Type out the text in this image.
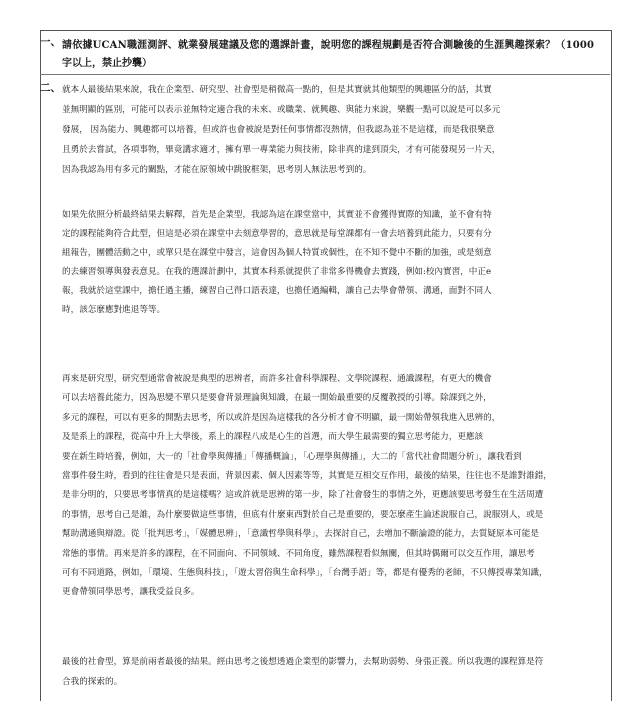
一、 請依據UCAN職涯測評、就業發展建議及您的選課計畫，說明您的課程規劃是否符合測驗後的生涯興趣探索？（1000
字以上，禁止抄襲）
二、 就本人最後結果來說，我在企業型、研究型、社會型是稍微高一點的，但是其實就其他類型的興趣區分的話，其實
並無明顯的區別，可能可以表示並無特定適合我的未來、或職業、就興趣、與能力來說，樂觀一點可以說是可以多元
發展， 因為能力、興趣都可以培養，但或許也會被說是對任何事情都沒熱情，但我認為並不是這樣，而是我很樂意
且勇於去嘗試，各項事物，畢竟講求適才，擁有單一專業能力與技術，除非真的達到頂尖，才有可能發現另一片天，
因為我認為用有多元的關點，才能在原領域中跳脫框架，思考別人無法思考到的。
如果先依照分析最終結果去解釋，首先是企業型，我認為這在課堂當中，其實並不會獲得實際的知識，並不會有特
定的課程能夠符合此型，但這是必須在課堂中去刻意學習的，意思就是每堂課都有一會去培養到此能力，只要有分
組報告，團體活動之中，或單只是在課堂中發言，這會因為個人特質或個性，在不知不覺中不斷的加強，或是刻意
的去練習領導與發表意見。在我的選課計劃中，其實本科系就提供了非常多得機會去實踐，例如:校內實習，中正e
報，我就於這堂課中，擔任過主播，練習自己得口語表達，也擔任過編輯，讓自己去學會帶領、溝通，面對不同人
時，該怎麼應對進退等等。
再來是研究型，研究型通常會被說是典型的思辨者，而許多社會科學課程、文學院課程、通識課程，有更大的機會
可以去培養此能力，因為思變不單只是要會背景理論與知識，在最一開始最重要的反覆教授的引導。除課到之外，
多元的課程，可以有更多的開點去思考，所以或許是因為這樣我的各分析才會不明顯，最一開始帶領我進入思辨的，
及是系上的課程，從高中升上大學後，系上的課程八成是心生的首選，而大學生最需要的獨立思考能力，更應該
要在新生時培養，例如，大一的「社會學與傳播」「傳播概論」，「心理學與傳播」，大二的「當代社會問題分析」，讓我看到
當事件發生時，看到的往往會是只是表面，背景因素、個人因素等等，其實是互相交互作用，最後的結果，往往也不是誰對誰錯，
是非分明的，只要思考事情真的是這樣嗎？這或許就是思辨的第一步，除了社會發生的事情之外，更應該要思考發生在生活周遭
的事情，思考自己是誰，為什麼要做這些事情，但底有什麼東西對於自己是重要的，要怎麼產生論述說服自己，說服別人，或是
幫助溝通與辯證。從「批判思考」，「媒體思辨」，「意識哲學與科學」，去探討自己，去增加不斷論證的能力，去質疑原本可能是
常態的事情。再來是許多的課程，在不同面向、不同領域、不同角度，雖然課程看似無關，但其時偶爾可以交互作用，讓思考
可有不同道路，例如，「環境、生態與科技」，「遊太習俗與生命科學」，「台灣手語」等，都是有優秀的老師，不只傳授專業知識，
更會帶領同學思考，讓我受益良多。
最後的社會型，算是前兩者最後的結果。經由思考之後想透過企業型的影響力，去幫助弱勢、身張正義。所以我選的課程算是符
合我的探索的。
